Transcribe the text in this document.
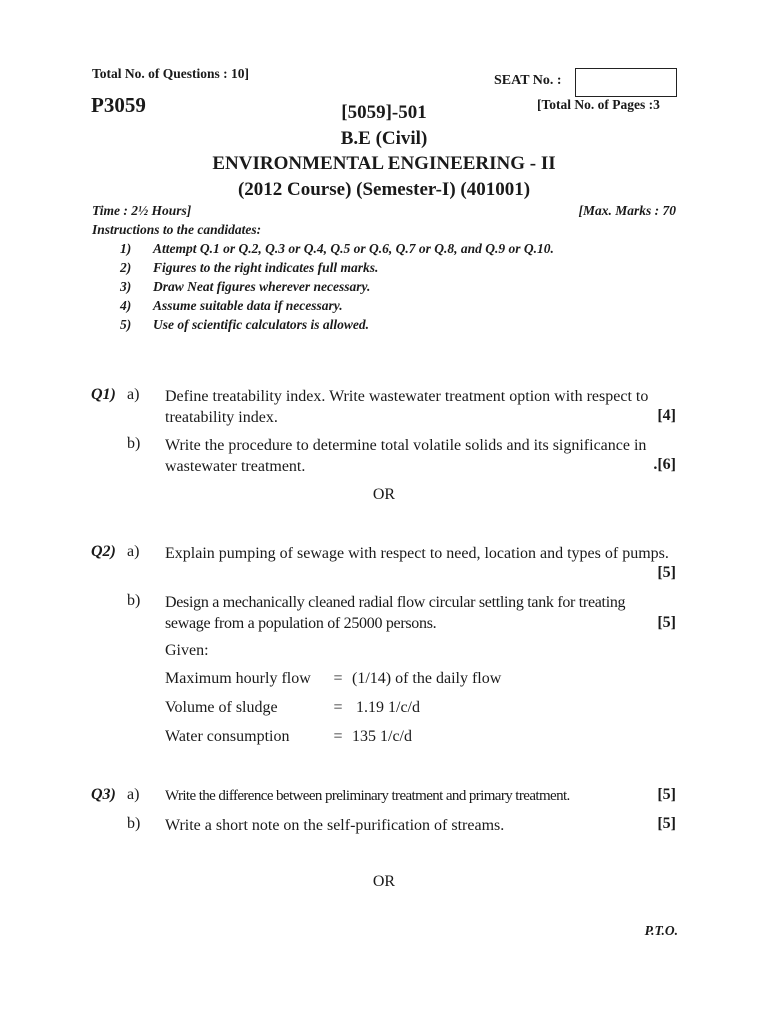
Total No. of Questions : 10]
P3059
SEAT No. :
[Total No. of Pages :3
[5059]-501
B.E (Civil)
ENVIRONMENTAL ENGINEERING - II
(2012 Course) (Semester-I) (401001)
Time : 2½ Hours]	[Max. Marks : 70
Instructions to the candidates:
1) Attempt Q.1 or Q.2, Q.3 or Q.4, Q.5 or Q.6, Q.7 or Q.8, and Q.9 or Q.10.
2) Figures to the right indicates full marks.
3) Draw Neat figures wherever necessary.
4) Assume suitable data if necessary.
5) Use of scientific calculators is allowed.
Q1) a) Define treatability index. Write wastewater treatment option with respect to treatability index.	[4]
b) Write the procedure to determine total volatile solids and its significance in wastewater treatment.	.[6]
OR
Q2) a) Explain pumping of sewage with respect to need, location and types of pumps.
[5]
b) Design a mechanically cleaned radial flow circular settling tank for treating sewage from a population of 25000 persons.	[5]
Given:
Maximum hourly flow = (1/14) of the daily flow
Volume of sludge	=  1.19 1/c/d
Water consumption	= 135 1/c/d
Q3) a) Write the difference between preliminary treatment and primary treatment.	[5]
b) Write a short note on the self-purification of streams.	[5]
OR
P.T.O.
